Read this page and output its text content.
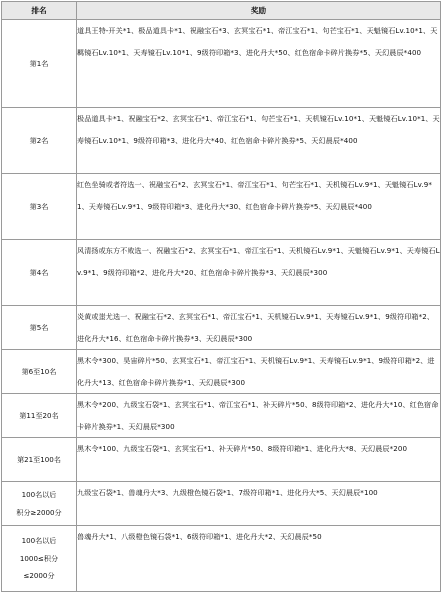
排名	奖励
第1名	道具王特-开关*1、极品道具卡*1、祝融宝石*3、玄冥宝石*1、帝江宝石*1、句芒宝石*1、天魁镜石Lv.10*1、天羁镜石Lv.10*1、天寿镜石Lv.10*1、9级符印箱*3、进化丹大*50、红色宿命卡碎片换券*5、天幻晨辰*400
第2名	极品道具卡*1、祝融宝石*2、玄冥宝石*1、帝江宝石*1、句芒宝石*1、天机镜石Lv.10*1、天魁镜石Lv.10*1、天寿镜石Lv.10*1、9级符印箱*3、进化丹大*40、红色宿命卡碎片换券*5、天幻晨辰*400
第3名	红色坐骑或者符选一、祝融宝石*2、玄冥宝石*1、帝江宝石*1、句芒宝石*1、天机镜石Lv.9*1、天魁镜石Lv.9*1、天寿镜石Lv.9*1、9级符印箱*3、进化丹大*30、红色宿命卡碎片换券*5、天幻晨辰*400
第4名	风清扬或东方不败选一、祝融宝石*2、玄冥宝石*1、帝江宝石*1、天机镜石Lv.9*1、天魁镜石Lv.9*1、天寿镜石Lv.9*1、9级符印箱*2、进化丹大*20、红色宿命卡碎片换券*3、天幻晨辰*300
第5名	炎黄或蚩尤选一、祝融宝石*2、玄冥宝石*1、帝江宝石*1、天机镜石Lv.9*1、天寿镜石Lv.9*1、9级符印箱*2、进化丹大*16、红色宿命卡碎片换券*3、天幻晨辰*300
第6至10名	黑木令*300、昊宙碎片*50、玄冥宝石*1、帝江宝石*1、天机镜石Lv.9*1、天寿镜石Lv.9*1、9级符印箱*2、进化丹大*13、红色宿命卡碎片换券*1、天幻晨辰*300
第11至20名	黑木令*200、九级宝石袋*1、玄冥宝石*1、帝江宝石*1、补天碎片*50、8级符印箱*2、进化丹大*10、红色宿命卡碎片换券*1、天幻晨辰*300
第21至100名	黑木令*100、九级宝石袋*1、玄冥宝石*1、补天碎片*50、8级符印箱*1、进化丹大*8、天幻晨辰*200
100名以后
积分≥2000分	九级宝石袋*1、兽魂丹大*3、九级橙色镜石袋*1、7级符印箱*1、进化丹大*5、天幻晨辰*100
100名以后
1000≤积分
≤2000分	兽魂丹大*1、八级橙色镜石袋*1、6级符印箱*1、进化丹大*2、天幻晨辰*50
